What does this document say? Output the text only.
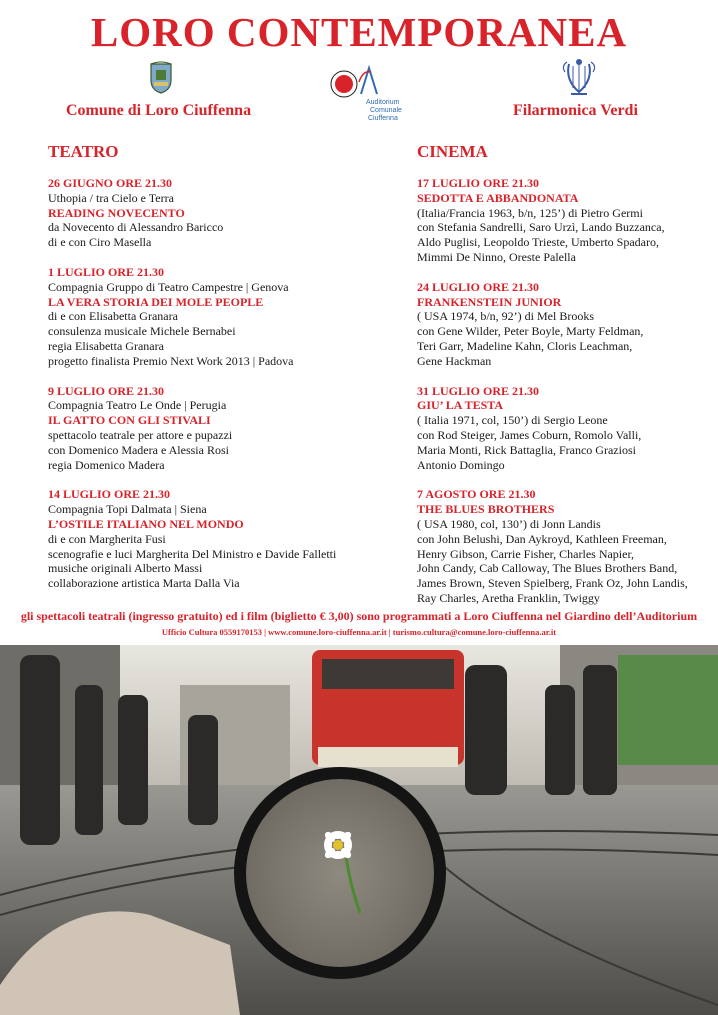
LORO CONTEMPORANEA
Auditorium
Comunale
Ciuffenna
Comune di Loro Ciuffenna	Filarmonica Verdi
TEATRO
26 GIUGNO ORE 21.30
Uthopia / tra Cielo e Terra
READING NOVECENTO
da Novecento di Alessandro Baricco
di e con Ciro Masella
1 LUGLIO ORE 21.30
Compagnia Gruppo di Teatro Campestre | Genova
LA VERA STORIA DEI MOLE PEOPLE
di e con Elisabetta Granara
consulenza musicale Michele Bernabei
regia Elisabetta Granara
progetto finalista Premio Next Work 2013 | Padova
9 LUGLIO ORE 21.30
Compagnia Teatro Le Onde | Perugia
IL GATTO CON GLI STIVALI
spettacolo teatrale per attore e pupazzi
con Domenico Madera e Alessia Rosi
regia Domenico Madera
14 LUGLIO ORE 21.30
Compagnia Topi Dalmata | Siena
L’OSTILE ITALIANO NEL MONDO
di e con Margherita Fusi
scenografie e luci Margherita Del Ministro e Davide Falletti
musiche originali Alberto Massi
collaborazione artistica Marta Dalla Via
CINEMA
17 LUGLIO ORE 21.30
SEDOTTA E ABBANDONATA
(Italia/Francia 1963, b/n, 125’) di Pietro Germi
con Stefania Sandrelli, Saro Urzì, Lando Buzzanca,
Aldo Puglisi, Leopoldo Trieste, Umberto Spadaro,
Mimmi De Ninno, Oreste Palella
24 LUGLIO ORE 21.30
FRANKENSTEIN JUNIOR
( USA 1974, b/n, 92’) di Mel Brooks
con Gene Wilder, Peter Boyle, Marty Feldman,
Teri Garr, Madeline Kahn, Cloris Leachman,
Gene Hackman
31 LUGLIO ORE 21.30
GIU’ LA TESTA
( Italia 1971, col, 150’) di Sergio Leone
con Rod Steiger, James Coburn, Romolo Valli,
Maria Monti, Rick Battaglia, Franco Graziosi
Antonio Domingo
7 AGOSTO ORE 21.30
THE BLUES BROTHERS
( USA 1980, col, 130’) di Jonn Landis
con John Belushi, Dan Aykroyd, Kathleen Freeman,
Henry Gibson, Carrie Fisher, Charles Napier,
John Candy, Cab Calloway, The Blues Brothers Band,
James Brown, Steven Spielberg, Frank Oz, John Landis,
Ray Charles, Aretha Franklin, Twiggy
gli spettacoli teatrali (ingresso gratuito) ed i film (biglietto € 3,00) sono programmati a Loro Ciuffenna nel Giardino dell’Auditorium
Ufficio Cultura 0559170153 | www.comune.loro-ciuffenna.ar.it | turismo.cultura@comune.loro-ciuffenna.ar.it
